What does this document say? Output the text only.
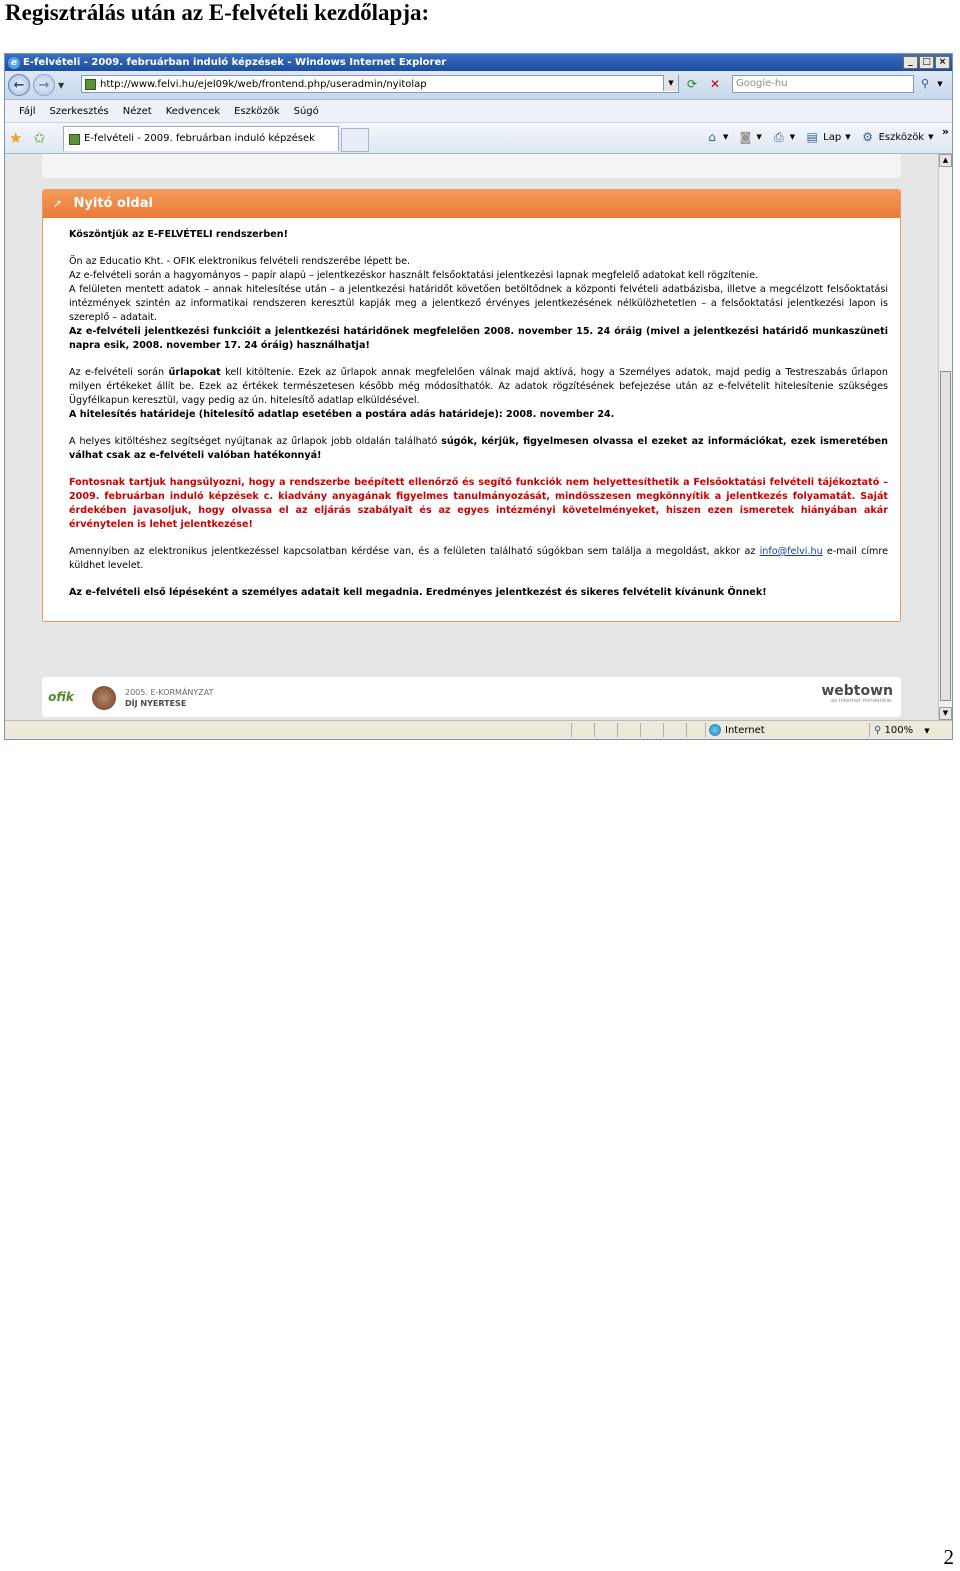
Regisztrálás után az E-felvételi kezdőlapja:
e E-felvételi - 2009. februárban induló képzések - Windows Internet Explorer	_	□ ×
←	→	▼	http://www.felvi.hu/ejel09k/web/frontend.php/useradmin/nyitolap	▼	⟳	✕	Google-hu	⚲	▼
Fájl Szerkesztés Nézet Kedvencek Eszközök Súgó
★ ✩	E-felvételi - 2009. februárban induló képzések	⌂	▼ ◙ ▼ ⎙ ▼ ▤ Lap ▼ ⚙ Eszközök ▼ »
➚ Nyitó oldal

Köszöntjük az E-FELVÉTELI rendszerben!

Ön az Educatio Kht. - OFIK elektronikus felvételi rendszerébe lépett be.
Az e-felvételi során a hagyományos – papír alapú – jelentkezéskor használt felsőoktatási jelentkezési lapnak megfelelő adatokat kell rögzítenie.
A felületen mentett adatok – annak hitelesítése után – a jelentkezési határidőt követően betöltődnek a központi felvételi adatbázisba, illetve a megcélzott felsőoktatási intézmények szintén az informatikai rendszeren keresztül kapják meg a jelentkező érvényes jelentkezésének nélkülözhetetlen – a felsőoktatási jelentkezési lapon is szereplő – adatait.
Az e-felvételi jelentkezési funkcióit a jelentkezési határidőnek megfelelően 2008. november 15. 24 óráig (mivel a jelentkezési határidő munkaszüneti napra esik, 2008. november 17. 24 óráig) használhatja!

Az e-felvételi során űrlapokat kell kitöltenie. Ezek az űrlapok annak megfelelően válnak majd aktívá, hogy a Személyes adatok, majd pedig a Testreszabás űrlapon milyen értékeket állít be. Ezek az értékek természetesen később még módosíthatók. Az adatok rögzítésének befejezése után az e-felvételit hitelesítenie szükséges Ügyfélkapun keresztül, vagy pedig az ún. hitelesítő adatlap elküldésével.
A hitelesítés határideje (hitelesítő adatlap esetében a postára adás határideje): 2008. november 24.

A helyes kitöltéshez segítséget nyújtanak az űrlapok jobb oldalán található súgók, kérjük, figyelmesen olvassa el ezeket az információkat, ezek ismeretében válhat csak az e-felvételi valóban hatékonnyá!

Fontosnak tartjuk hangsúlyozni, hogy a rendszerbe beépített ellenőrző és segítő funkciók nem helyettesíthetik a Felsőoktatási felvételi tájékoztató – 2009. februárban induló képzések c. kiadvány anyagának figyelmes tanulmányozását, mindösszesen megkönnyítik a jelentkezés folyamatát. Saját érdekében javasoljuk, hogy olvassa el az eljárás szabályait és az egyes intézményi követelményeket, hiszen ezen ismeretek hiányában akár érvénytelen is lehet jelentkezése!

Amennyiben az elektronikus jelentkezéssel kapcsolatban kérdése van, és a felületen található súgókban sem találja a megoldást, akkor az info@felvi.hu e-mail címre küldhet levelet.

Az e-felvételi első lépéseként a személyes adatait kell megadnia. Eredményes jelentkezést és sikeres felvételit kívánunk Önnek!

ofik	2005. E-KORMÁNYZAT
DÍJ NYERTESE
webtown
az internet mindenkié.
▲
▼
Internet	⚲ 100% ▼
2
